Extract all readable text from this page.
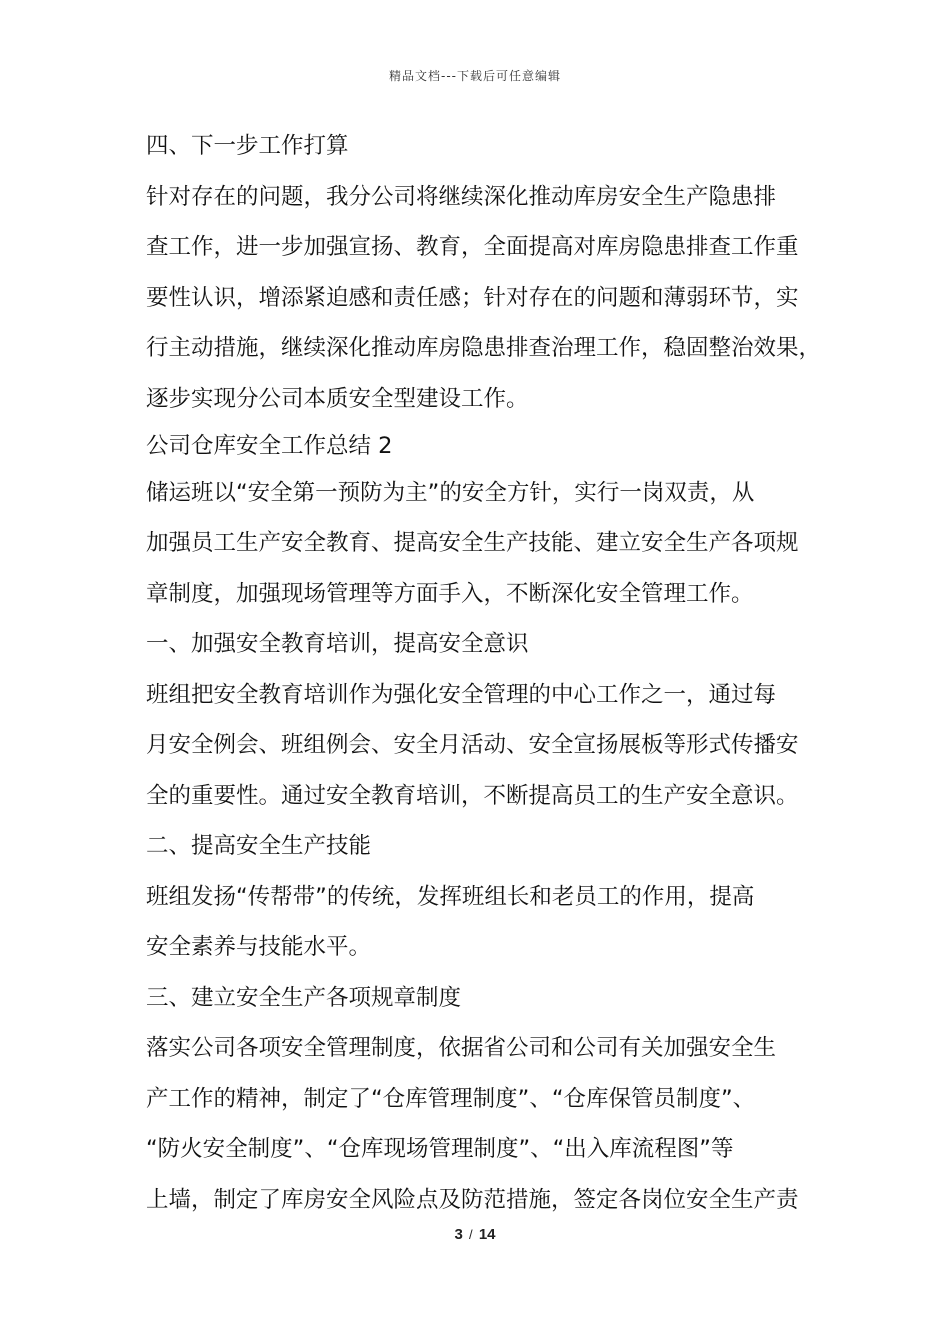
精品文档---下载后可任意编辑
四、下一步工作打算
针对存在的问题，我分公司将继续深化推动库房安全生产隐患排
查工作，进一步加强宣扬、教育，全面提高对库房隐患排查工作重
要性认识，增添紧迫感和责任感；针对存在的问题和薄弱环节，实
行主动措施，继续深化推动库房隐患排查治理工作，稳固整治效果，
逐步实现分公司本质安全型建设工作。
公司仓库安全工作总结 2
储运班以“安全第一预防为主”的安全方针，实行一岗双责，从
加强员工生产安全教育、提高安全生产技能、建立安全生产各项规
章制度，加强现场管理等方面手入，不断深化安全管理工作。
一、加强安全教育培训，提高安全意识
班组把安全教育培训作为强化安全管理的中心工作之一，通过每
月安全例会、班组例会、安全月活动、安全宣扬展板等形式传播安
全的重要性。通过安全教育培训，不断提高员工的生产安全意识。
二、提高安全生产技能
班组发扬“传帮带”的传统，发挥班组长和老员工的作用，提高
安全素养与技能水平。
三、建立安全生产各项规章制度
落实公司各项安全管理制度，依据省公司和公司有关加强安全生
产工作的精神，制定了“仓库管理制度”、“仓库保管员制度”、
“防火安全制度”、“仓库现场管理制度”、“出入库流程图”等
上墙，制定了库房安全风险点及防范措施，签定各岗位安全生产责
3 / 14
